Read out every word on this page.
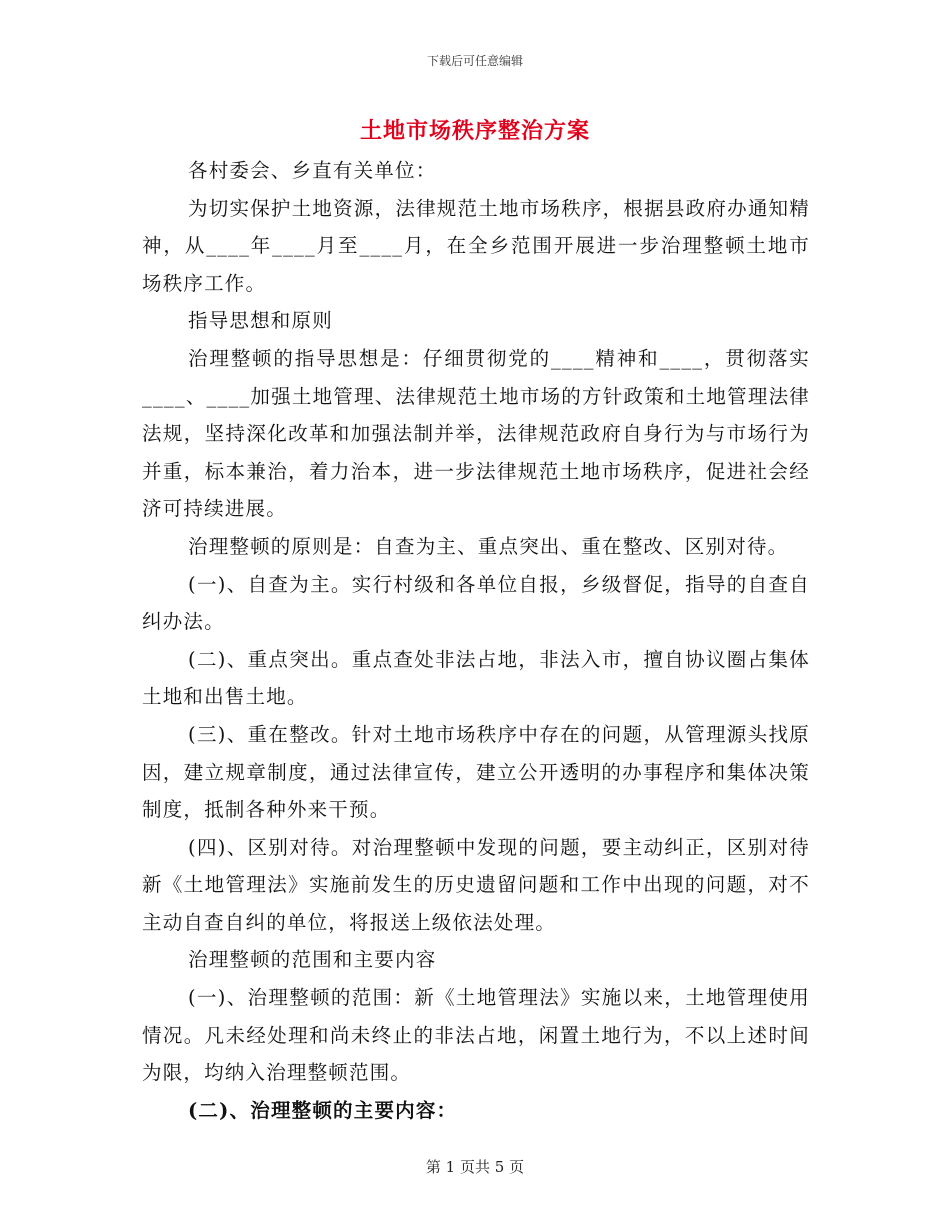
下载后可任意编辑
土地市场秩序整治方案

各村委会、乡直有关单位：

为切实保护土地资源，法律规范土地市场秩序，根据县政府办通知精神，从____年____月至____月，在全乡范围开展进一步治理整顿土地市场秩序工作。

指导思想和原则

治理整顿的指导思想是：仔细贯彻党的____精神和____，贯彻落实____、____加强土地管理、法律规范土地市场的方针政策和土地管理法律法规，坚持深化改革和加强法制并举，法律规范政府自身行为与市场行为并重，标本兼治，着力治本，进一步法律规范土地市场秩序，促进社会经济可持续进展。

治理整顿的原则是：自查为主、重点突出、重在整改、区别对待。

(一)、自查为主。实行村级和各单位自报，乡级督促，指导的自查自纠办法。

(二)、重点突出。重点查处非法占地，非法入市，擅自协议圈占集体土地和出售土地。

(三)、重在整改。针对土地市场秩序中存在的问题，从管理源头找原因，建立规章制度，通过法律宣传，建立公开透明的办事程序和集体决策制度，抵制各种外来干预。

(四)、区别对待。对治理整顿中发现的问题，要主动纠正，区别对待新《土地管理法》实施前发生的历史遗留问题和工作中出现的问题，对不主动自查自纠的单位，将报送上级依法处理。

治理整顿的范围和主要内容

(一)、治理整顿的范围：新《土地管理法》实施以来，土地管理使用情况。凡未经处理和尚未终止的非法占地，闲置土地行为，不以上述时间为限，均纳入治理整顿范围。

(二)、治理整顿的主要内容：

第 1 页共 5 页
